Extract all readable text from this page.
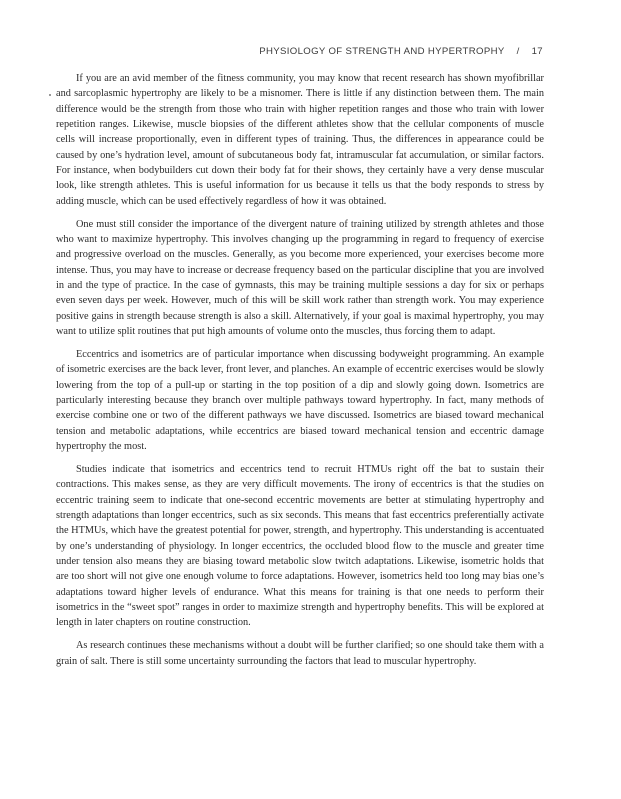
PHYSIOLOGY OF STRENGTH AND HYPERTROPHY / 17

If you are an avid member of the fitness community, you may know that recent research has shown myofibrillar and sarcoplasmic hypertrophy are likely to be a misnomer. There is little if any distinction between them. The main difference would be the strength from those who train with higher repetition ranges and those who train with lower repetition ranges. Likewise, muscle biopsies of the different athletes show that the cellular components of muscle cells will increase proportionally, even in different types of training. Thus, the differences in appearance could be caused by one’s hydration level, amount of subcutaneous body fat, intramuscular fat accumulation, or similar factors. For instance, when bodybuilders cut down their body fat for their shows, they certainly have a very dense muscular look, like strength athletes. This is useful information for us because it tells us that the body responds to stress by adding muscle, which can be used effectively regardless of how it was obtained.

One must still consider the importance of the divergent nature of training utilized by strength athletes and those who want to maximize hypertrophy. This involves changing up the programming in regard to frequency of exercise and progressive overload on the muscles. Generally, as you become more experienced, your exercises become more intense. Thus, you may have to increase or decrease frequency based on the particular discipline that you are involved in and the type of practice. In the case of gymnasts, this may be training multiple sessions a day for six or perhaps even seven days per week. However, much of this will be skill work rather than strength work. You may experience positive gains in strength because strength is also a skill. Alternatively, if your goal is maximal hypertrophy, you may want to utilize split routines that put high amounts of volume onto the muscles, thus forcing them to adapt.

Eccentrics and isometrics are of particular importance when discussing bodyweight programming. An example of isometric exercises are the back lever, front lever, and planches. An example of eccentric exercises would be slowly lowering from the top of a pull-up or starting in the top position of a dip and slowly going down. Isometrics are particularly interesting because they branch over multiple pathways toward hypertrophy. In fact, many methods of exercise combine one or two of the different pathways we have discussed. Isometrics are biased toward mechanical tension and metabolic adaptations, while eccentrics are biased toward mechanical tension and eccentric damage hypertrophy the most.

Studies indicate that isometrics and eccentrics tend to recruit HTMUs right off the bat to sustain their contractions. This makes sense, as they are very difficult movements. The irony of eccentrics is that the studies on eccentric training seem to indicate that one-second eccentric movements are better at stimulating hypertrophy and strength adaptations than longer eccentrics, such as six seconds. This means that fast eccentrics preferentially activate the HTMUs, which have the greatest potential for power, strength, and hypertrophy. This understanding is accentuated by one’s understanding of physiology. In longer eccentrics, the occluded blood flow to the muscle and greater time under tension also means they are biasing toward metabolic slow twitch adaptations. Likewise, isometric holds that are too short will not give one enough volume to force adaptations. However, isometrics held too long may bias one’s adaptations toward higher levels of endurance. What this means for training is that one needs to perform their isometrics in the “sweet spot” ranges in order to maximize strength and hypertrophy benefits. This will be explored at length in later chapters on routine construction.

As research continues these mechanisms without a doubt will be further clarified; so one should take them with a grain of salt. There is still some uncertainty surrounding the factors that lead to muscular hypertrophy.
